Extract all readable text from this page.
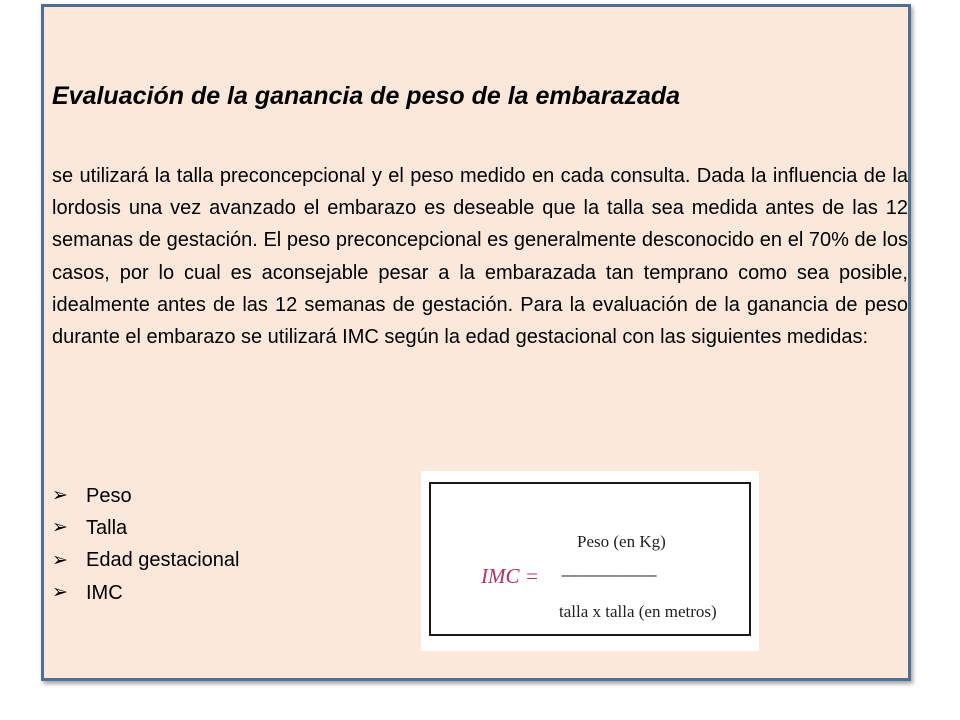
Evaluación de la ganancia de peso de la embarazada

se utilizará la talla preconcepcional y el peso medido en cada consulta. Dada la influencia de la lordosis una vez avanzado el embarazo es deseable que la talla sea medida antes de las 12 semanas de gestación. El peso preconcepcional es generalmente desconocido en el 70% de los casos, por lo cual es aconsejable pesar a la embarazada tan temprano como sea posible, idealmente antes de las 12 semanas de gestación. Para la evaluación de la ganancia de peso durante el embarazo se utilizará IMC según la edad gestacional con las siguientes medidas:

➢ Peso
➢ Talla
➢ Edad gestacional
➢ IMC
IMC =
Peso (en Kg)
--------------------------
talla x talla (en metros)
